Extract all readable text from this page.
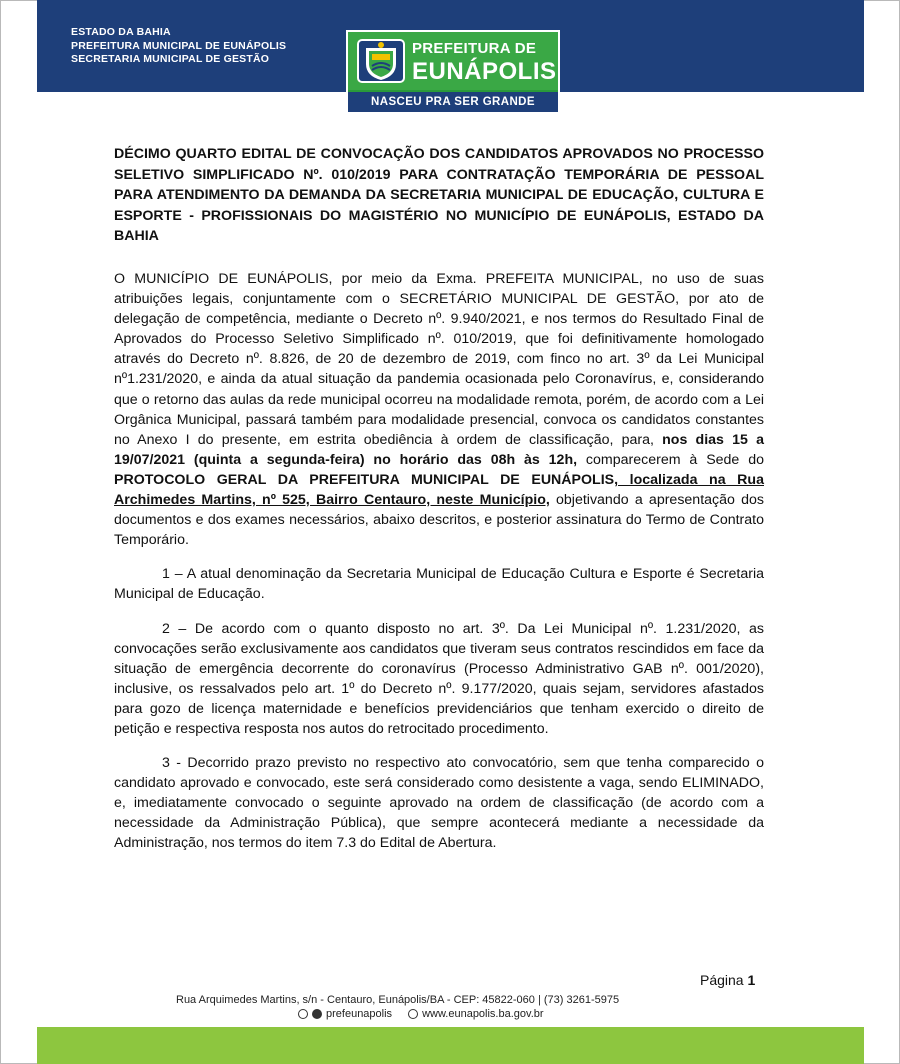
ESTADO DA BAHIA
PREFEITURA MUNICIPAL DE EUNÁPOLIS
SECRETARIA MUNICIPAL DE GESTÃO
PREFEITURA DE
EUNÁPOLIS
NASCEU PRA SER GRANDE
DÉCIMO QUARTO EDITAL DE CONVOCAÇÃO DOS CANDIDATOS APROVADOS NO PROCESSO SELETIVO SIMPLIFICADO Nº. 010/2019 PARA CONTRATAÇÃO TEMPORÁRIA DE PESSOAL PARA ATENDIMENTO DA DEMANDA DA SECRETARIA MUNICIPAL DE EDUCAÇÃO, CULTURA E ESPORTE - PROFISSIONAIS DO MAGISTÉRIO NO MUNICÍPIO DE EUNÁPOLIS, ESTADO DA BAHIA

O MUNICÍPIO DE EUNÁPOLIS, por meio da Exma. PREFEITA MUNICIPAL, no uso de suas atribuições legais, conjuntamente com o SECRETÁRIO MUNICIPAL DE GESTÃO, por ato de delegação de competência, mediante o Decreto nº. 9.940/2021, e nos termos do Resultado Final de Aprovados do Processo Seletivo Simplificado nº. 010/2019, que foi definitivamente homologado através do Decreto nº. 8.826, de 20 de dezembro de 2019, com finco no art. 3º da Lei Municipal nº1.231/2020, e ainda da atual situação da pandemia ocasionada pelo Coronavírus, e, considerando que o retorno das aulas da rede municipal ocorreu na modalidade remota, porém, de acordo com a Lei Orgânica Municipal, passará também para modalidade presencial, convoca os candidatos constantes no Anexo I do presente, em estrita obediência à ordem de classificação, para, nos dias 15 a 19/07/2021 (quinta a segunda-feira) no horário das 08h às 12h, comparecerem à Sede do PROTOCOLO GERAL DA PREFEITURA MUNICIPAL DE EUNÁPOLIS, localizada na Rua Archimedes Martins, nº 525, Bairro Centauro, neste Município, objetivando a apresentação dos documentos e dos exames necessários, abaixo descritos, e posterior assinatura do Termo de Contrato Temporário.

1 – A atual denominação da Secretaria Municipal de Educação Cultura e Esporte é Secretaria Municipal de Educação.

2 – De acordo com o quanto disposto no art. 3º. Da Lei Municipal nº. 1.231/2020, as convocações serão exclusivamente aos candidatos que tiveram seus contratos rescindidos em face da situação de emergência decorrente do coronavírus (Processo Administrativo GAB nº. 001/2020), inclusive, os ressalvados pelo art. 1º do Decreto nº. 9.177/2020, quais sejam, servidores afastados para gozo de licença maternidade e benefícios previdenciários que tenham exercido o direito de petição e respectiva resposta nos autos do retrocitado procedimento.

3 - Decorrido prazo previsto no respectivo ato convocatório, sem que tenha comparecido o candidato aprovado e convocado, este será considerado como desistente a vaga, sendo ELIMINADO, e, imediatamente convocado o seguinte aprovado na ordem de classificação (de acordo com a necessidade da Administração Pública), que sempre acontecerá mediante a necessidade da Administração, nos termos do item 7.3 do Edital de Abertura.

Página 1
Rua Arquimedes Martins, s/n - Centauro, Eunápolis/BA - CEP: 45822-060 | (73) 3261-5975
prefeunapolis	www.eunapolis.ba.gov.br
